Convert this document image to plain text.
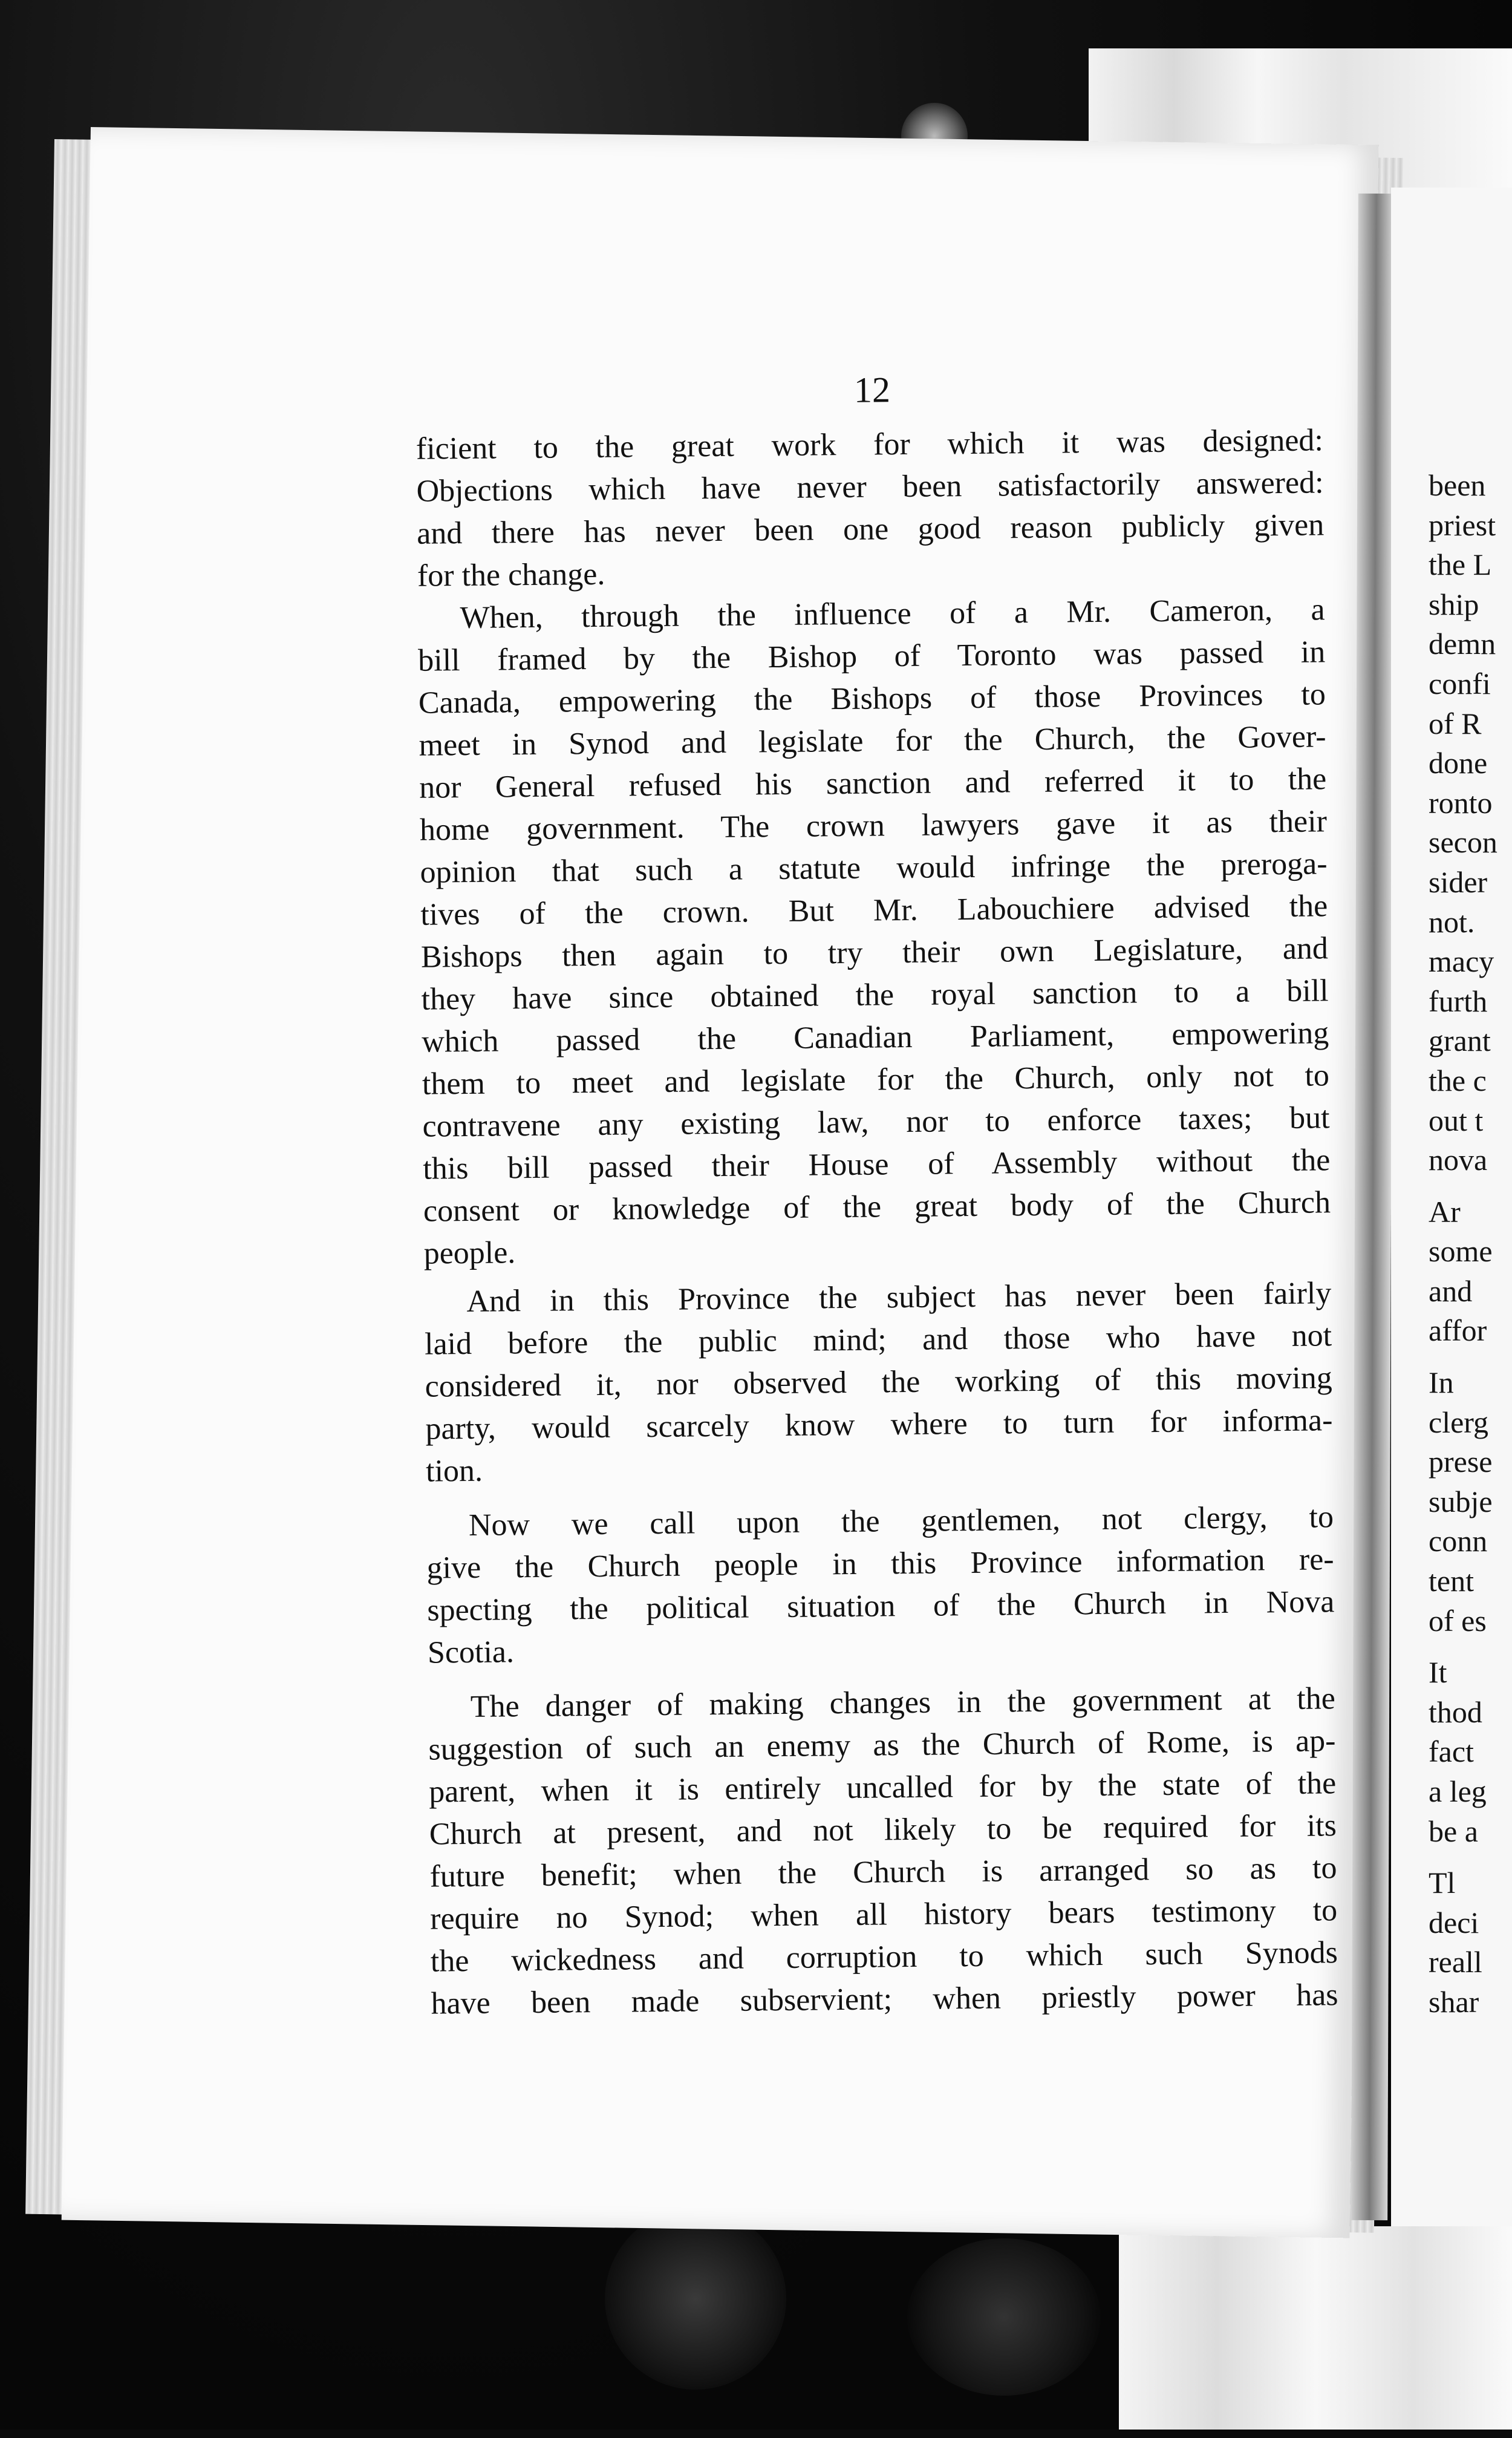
been
priest
the L
ship
demn
confi
of R
done
ronto
secon
sider
not.
macy
furth
grant
the c
out t
nova
Ar
some
and
affor
In
clerg
prese
subje
conn
tent
of es
It
thod
fact
a leg
be a
Tl
deci
reall
shar
12
ficient to the great work for which it was designed:
Objections which have never been satisfactorily answered:
and there has never been one good reason publicly given
for the change.
When, through the influence of a Mr. Cameron, a
bill framed by the Bishop of Toronto was passed in
Canada, empowering the Bishops of those Provinces to
meet in Synod and legislate for the Church, the Gover-
nor General refused his sanction and referred it to the
home government. The crown lawyers gave it as their
opinion that such a statute would infringe the preroga-
tives of the crown. But Mr. Labouchiere advised the
Bishops then again to try their own Legislature, and
they have since obtained the royal sanction to a bill
which passed the Canadian Parliament, empowering
them to meet and legislate for the Church, only not to
contravene any existing law, nor to enforce taxes; but
this bill passed their House of Assembly without the
consent or knowledge of the great body of the Church
people.
And in this Province the subject has never been fairly
laid before the public mind; and those who have not
considered it, nor observed the working of this moving
party, would scarcely know where to turn for informa-
tion.
Now we call upon the gentlemen, not clergy, to
give the Church people in this Province information re-
specting the political situation of the Church in Nova
Scotia.
The danger of making changes in the government at the
suggestion of such an enemy as the Church of Rome, is ap-
parent, when it is entirely uncalled for by the state of the
Church at present, and not likely to be required for its
future benefit; when the Church is arranged so as to
require no Synod; when all history bears testimony to
the wickedness and corruption to which such Synods
have been made subservient; when priestly power has
